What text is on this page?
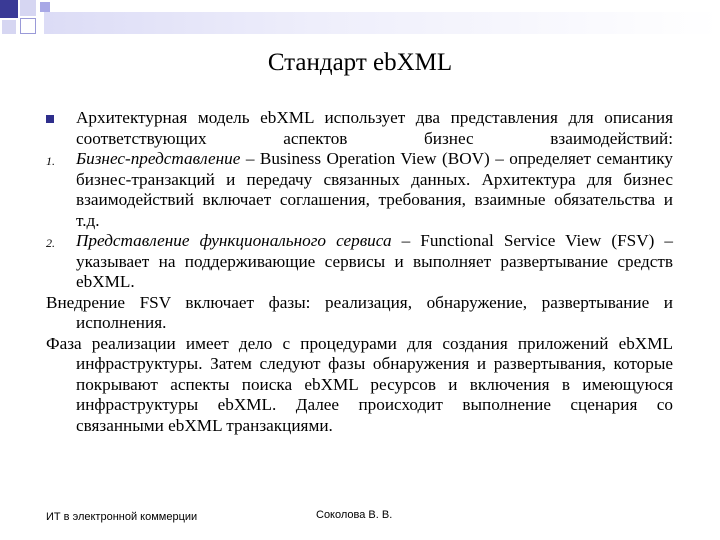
Стандарт ebXML
Архитектурная модель ebXML использует два представления для описания соответствующих аспектов бизнес взаимодействий:
1. Бизнес-представление – Business Operation View (BOV) – определяет семантику бизнес-транзакций и передачу связанных данных. Архитектура для бизнес взаимодействий включает соглашения, требования, взаимные обязательства и т.д.
2. Представление функционального сервиса – Functional Service View (FSV) – указывает на поддерживающие сервисы и выполняет развертывание средств ebXML.
Внедрение FSV включает фазы: реализация, обнаружение, развертывание и исполнения.
Фаза реализации имеет дело с процедурами для создания приложений ebXML инфраструктуры. Затем следуют фазы обнаружения и развертывания, которые покрывают аспекты поиска ebXML ресурсов и включения в имеющуюся инфраструктуры ebXML. Далее происходит выполнение сценария со связанными ebXML транзакциями.
ИТ в электронной коммерции	Соколова В. В.
